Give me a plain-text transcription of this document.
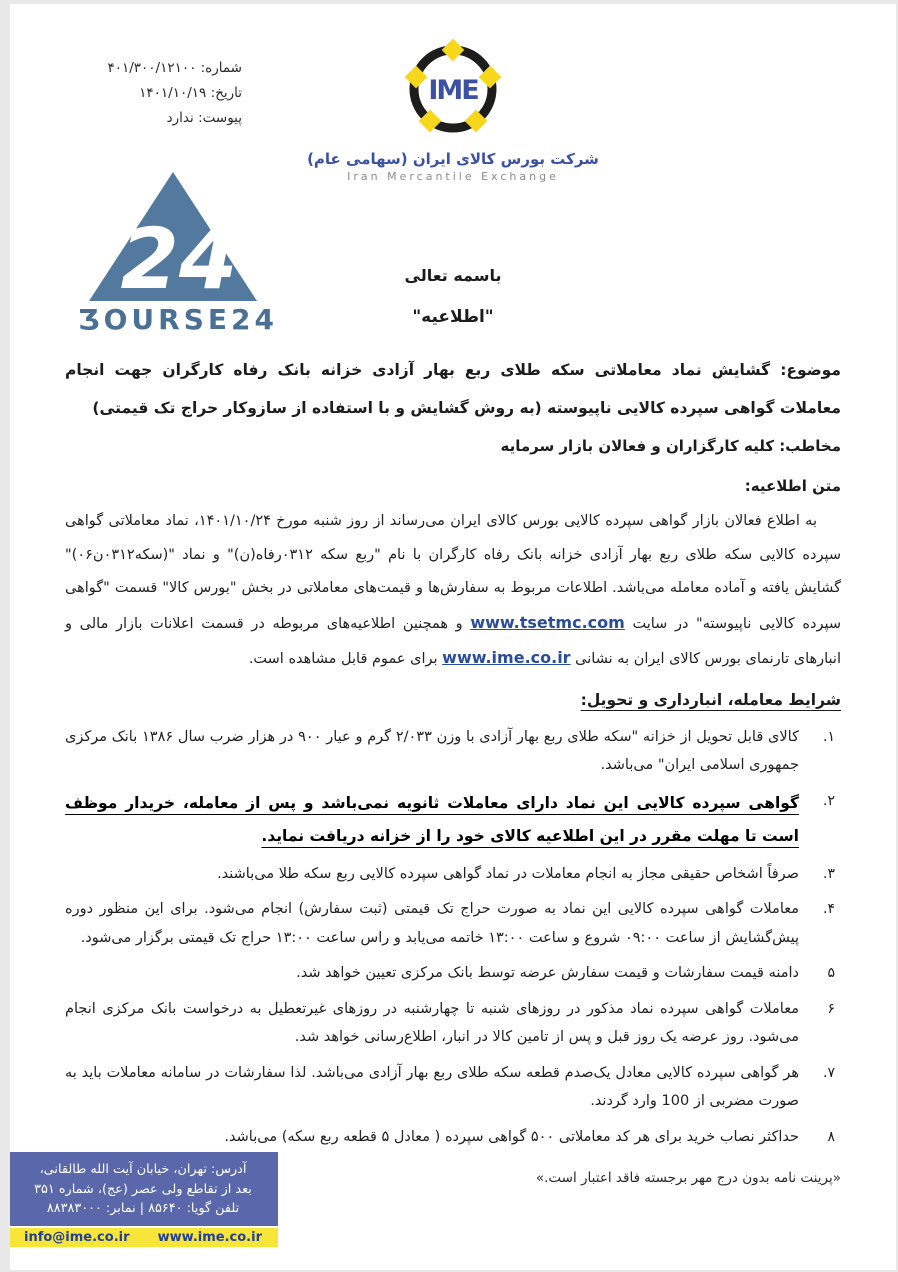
شماره: ۴۰۱/۳۰۰/۱۲۱۰۰
تاریخ: ۱۴۰۱/۱۰/۱۹
پیوست: ندارد
IME
شرکت بورس کالای ایران (سهامی عام)
Iran Mercantile Exchange
24
ƷOURSE24
باسمه تعالی
"اطلاعیه"
موضوع: گشایش نماد معاملاتی سکه طلای ربع بهار آزادی خزانه بانک رفاه کارگران جهت انجام معاملات گواهی سپرده کالایی ناپیوسته (به روش گشایش و با استفاده از سازوکار حراج تک قیمتی)
مخاطب: کلیه کارگزاران و فعالان بازار سرمایه
متن اطلاعیه:
به اطلاع فعالان بازار گواهی سپرده کالایی بورس کالای ایران می‌رساند از روز شنبه مورخ ۱۴۰۱/۱۰/۲۴، نماد معاملاتی گواهی سپرده کالایی سکه طلای ربع بهار آزادی خزانه بانک رفاه کارگران با نام "ربع سکه ۰۳۱۲رفاه(ن)" و نماد "(سکه۰۳۱۲ن۰۶)" گشایش یافته و آماده معامله می‌باشد. اطلاعات مربوط به سفارش‌ها و قیمت‌های معاملاتی در بخش "بورس کالا" قسمت "گواهی سپرده کالایی ناپیوسته" در سایت www.tsetmc.com و همچنین اطلاعیه‌های مربوطه در قسمت اعلانات بازار مالی و انبارهای تارنمای بورس کالای ایران به نشانی www.ime.co.ir برای عموم قابل مشاهده است.
شرایط معامله، انبارداری و تحویل:
۱.
کالای قابل تحویل از خزانه "سکه طلای ربع بهار آزادی با وزن ۲/۰۳۳ گرم و عیار ۹۰۰ در هزار ضرب سال ۱۳۸۶ بانک مرکزی جمهوری اسلامی ایران" می‌باشد.
۲.
گواهی سپرده کالایی این نماد دارای معاملات ثانویه نمی‌باشد و پس از معامله، خریدار موظف است تا مهلت مقرر در این اطلاعیه کالای خود را از خزانه دریافت نماید.
۳.
صرفاً اشخاص حقیقی مجاز به انجام معاملات در نماد گواهی سپرده کالایی ربع سکه طلا می‌باشند.
۴.
معاملات گواهی سپرده کالایی این نماد به صورت حراج تک قیمتی (ثبت سفارش) انجام می‌شود. برای این منظور دوره پیش‌گشایش از ساعت ۰۹:۰۰ شروع و ساعت ۱۳:۰۰ خاتمه می‌یابد و راس ساعت ۱۳:۰۰ حراج تک قیمتی برگزار می‌شود.
۵
دامنه قیمت سفارشات و قیمت سفارش عرضه توسط بانک مرکزی تعیین خواهد شد.
۶
معاملات گواهی سپرده نماد مذکور در روزهای شنبه تا چهارشنبه در روزهای غیرتعطیل به درخواست بانک مرکزی انجام می‌شود. روز عرضه یک روز قبل و پس از تامین کالا در انبار، اطلاع‌رسانی خواهد شد.
۷.
هر گواهی سپرده کالایی معادل یک‌صدم قطعه سکه طلای ربع بهار آزادی می‌باشد. لذا سفارشات در سامانه معاملات باید به صورت مضربی از 100 وارد گردند.
۸
حداکثر نصاب خرید برای هر کد معاملاتی ۵۰۰ گواهی سپرده ( معادل ۵ قطعه ربع سکه) می‌باشد.
«پرینت نامه بدون درج مهر برجسته فاقد اعتبار است.»
آدرس: تهران، خیابان آیت الله طالقانی،
بعد از تقاطع ولی عصر (عج)، شماره ۳۵۱
تلفن گویا: ۸۵۶۴۰ | نمابر: ۸۸۳۸۳۰۰۰
info@ime.co.ir www.ime.co.ir
